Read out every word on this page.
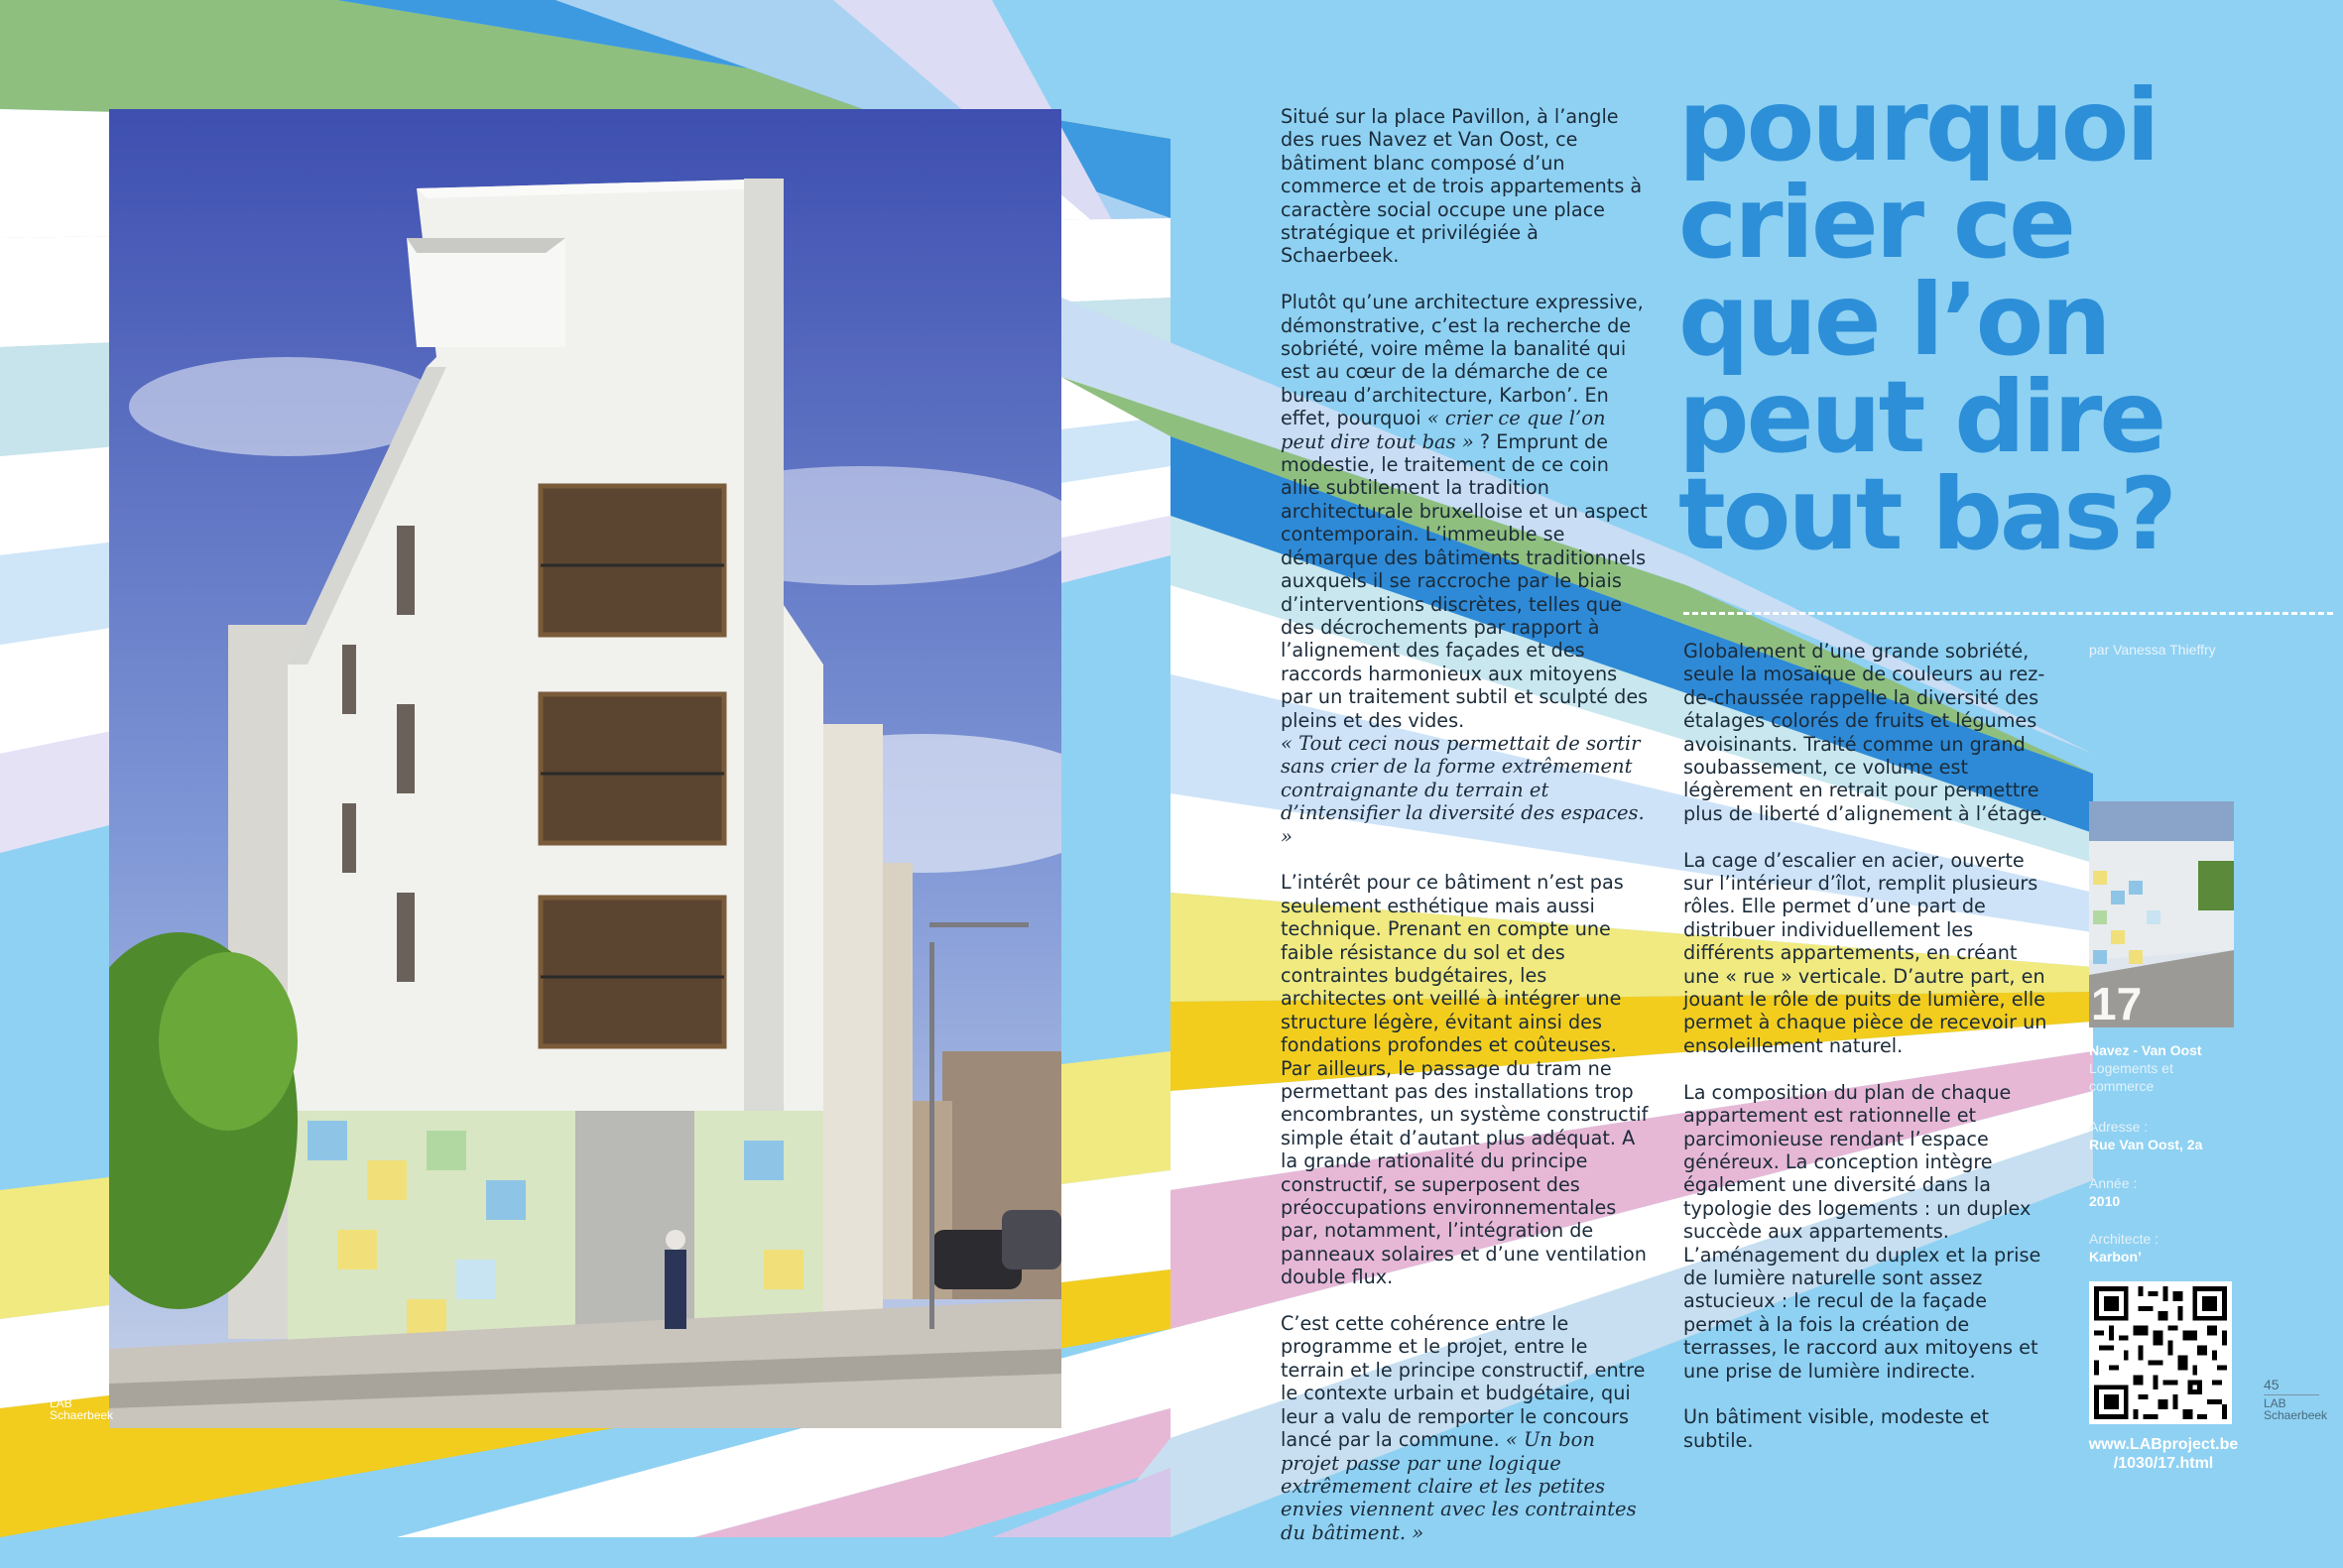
44
LAB
Schaerbeek

Situé sur la place Pavillon, à l’angle des rues Navez et Van Oost, ce bâtiment blanc composé d’un commerce et de trois appartements à caractère social occupe une place stratégique et privilégiée à Schaerbeek.

Plutôt qu’une architecture expressive, démonstrative, c’est la recherche de sobriété, voire même la banalité qui est au cœur de la démarche de ce bureau d’architecture, Karbon’. En effet, pourquoi « crier ce que l’on peut dire tout bas » ? Emprunt de modestie, le traitement de ce coin allie subtilement la tradition architecturale bruxelloise et un aspect contemporain. L’immeuble se démarque des bâtiments traditionnels auxquels il se raccroche par le biais d’interventions discrètes, telles que des décrochements par rapport à l’alignement des façades et des raccords harmonieux aux mitoyens par un traitement subtil et sculpté des pleins et des vides.
« Tout ceci nous permettait de sortir sans crier de la forme extrêmement contraignante du terrain et d’intensifier la diversité des espaces. »

L’intérêt pour ce bâtiment n’est pas seulement esthétique mais aussi technique. Prenant en compte une faible résistance du sol et des contraintes budgétaires, les architectes ont veillé à intégrer une structure légère, évitant ainsi des fondations profondes et coûteuses. Par ailleurs, le passage du tram ne permettant pas des installations trop encombrantes, un système constructif simple était d’autant plus adéquat. A la grande rationalité du principe constructif, se superposent des préoccupations environnementales par, notamment, l’intégration de panneaux solaires et d’une ventilation double flux.

C’est cette cohérence entre le programme et le projet, entre le terrain et le principe constructif, entre le contexte urbain et budgétaire, qui leur a valu de remporter le concours lancé par la commune. « Un bon projet passe par une logique extrêmement claire et les petites envies viennent avec les contraintes du bâtiment. »

pourquoi
crier ce
que l’on
peut dire
tout bas?
par Vanessa Thieffry

Globalement d’une grande sobriété, seule la mosaïque de couleurs au rez-de-chaussée rappelle la diversité des étalages colorés de fruits et légumes avoisinants. Traité comme un grand soubassement, ce volume est légèrement en retrait pour permettre plus de liberté d’alignement à l’étage.

La cage d’escalier en acier, ouverte sur l’intérieur d’îlot, remplit plusieurs rôles. Elle permet d’une part de distribuer individuellement les différents appartements, en créant une « rue » verticale. D’autre part, en jouant le rôle de puits de lumière, elle permet à chaque pièce de recevoir un ensoleillement naturel.

La composition du plan de chaque appartement est rationnelle et parcimonieuse rendant l’espace généreux. La conception intègre également une diversité dans la typologie des logements : un duplex succède aux appartements. L’aménagement du duplex et la prise de lumière naturelle sont assez astucieux : le recul de la façade permet à la fois la création de terrasses, le raccord aux mitoyens et une prise de lumière indirecte.

Un bâtiment visible, modeste et subtile.

17
Navez - Van Oost
Logements et
commerce
Adresse :
Rue Van Oost, 2a
Année :
2010
Architecte :
Karbon’
www.LABproject.be
/1030/17.html
45
LAB
Schaerbeek
